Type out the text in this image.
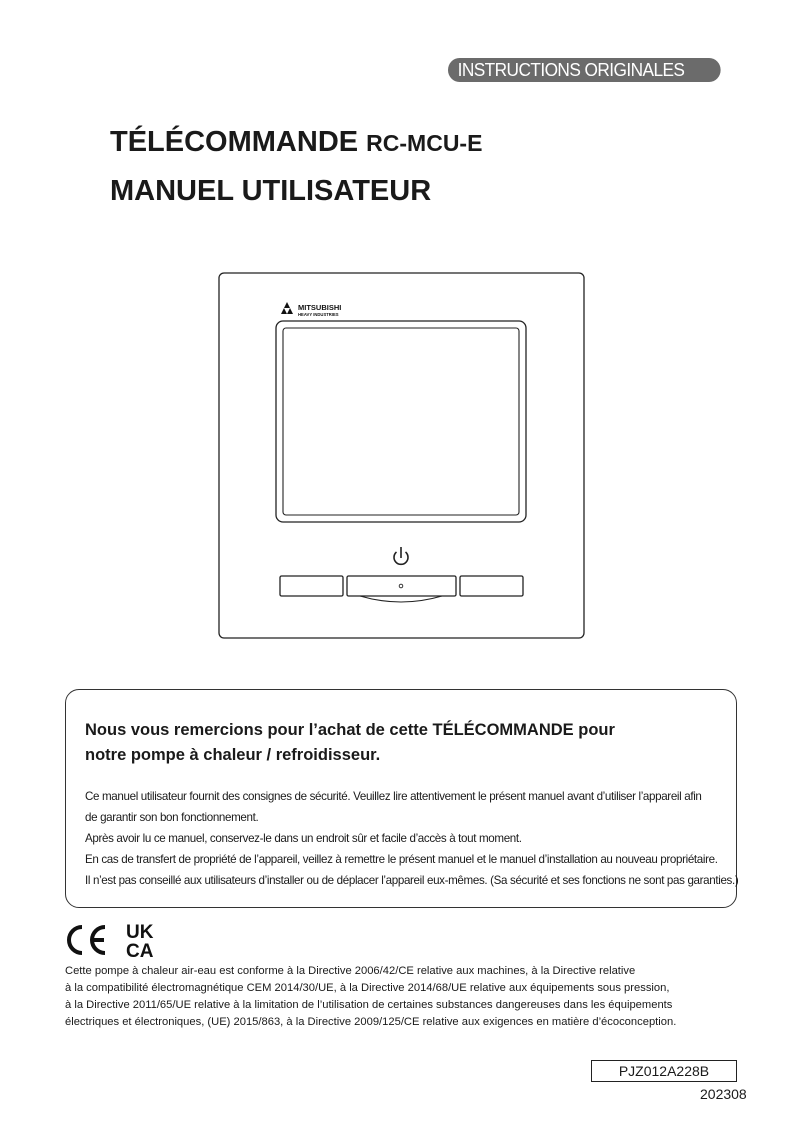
INSTRUCTIONS ORIGINALES
TÉLÉCOMMANDE RC-MCU-E
MANUEL UTILISATEUR
MITSUBISHI
HEAVY INDUSTRIES
Nous vous remercions pour l’achat de cette TÉLÉCOMMANDE pour
notre pompe à chaleur / refroidisseur.

Ce manuel utilisateur fournit des consignes de sécurité. Veuillez lire attentivement le présent manuel avant d’utiliser l’appareil afin

de garantir son bon fonctionnement.

Après avoir lu ce manuel, conservez-le dans un endroit sûr et facile d’accès à tout moment.

En cas de transfert de propriété de l’appareil, veillez à remettre le présent manuel et le manuel d’installation au nouveau propriétaire.

Il n’est pas conseillé aux utilisateurs d’installer ou de déplacer l’appareil eux-mêmes. (Sa sécurité et ses fonctions ne sont pas garanties.)

UK
CA

Cette pompe à chaleur air-eau est conforme à la Directive 2006/42/CE relative aux machines, à la Directive relative

à la compatibilité électromagnétique CEM 2014/30/UE, à la Directive 2014/68/UE relative aux équipements sous pression,

à la Directive 2011/65/UE relative à la limitation de l’utilisation de certaines substances dangereuses dans les équipements

électriques et électroniques, (UE) 2015/863, à la Directive 2009/125/CE relative aux exigences en matière d’écoconception.

PJZ012A228B
202308
